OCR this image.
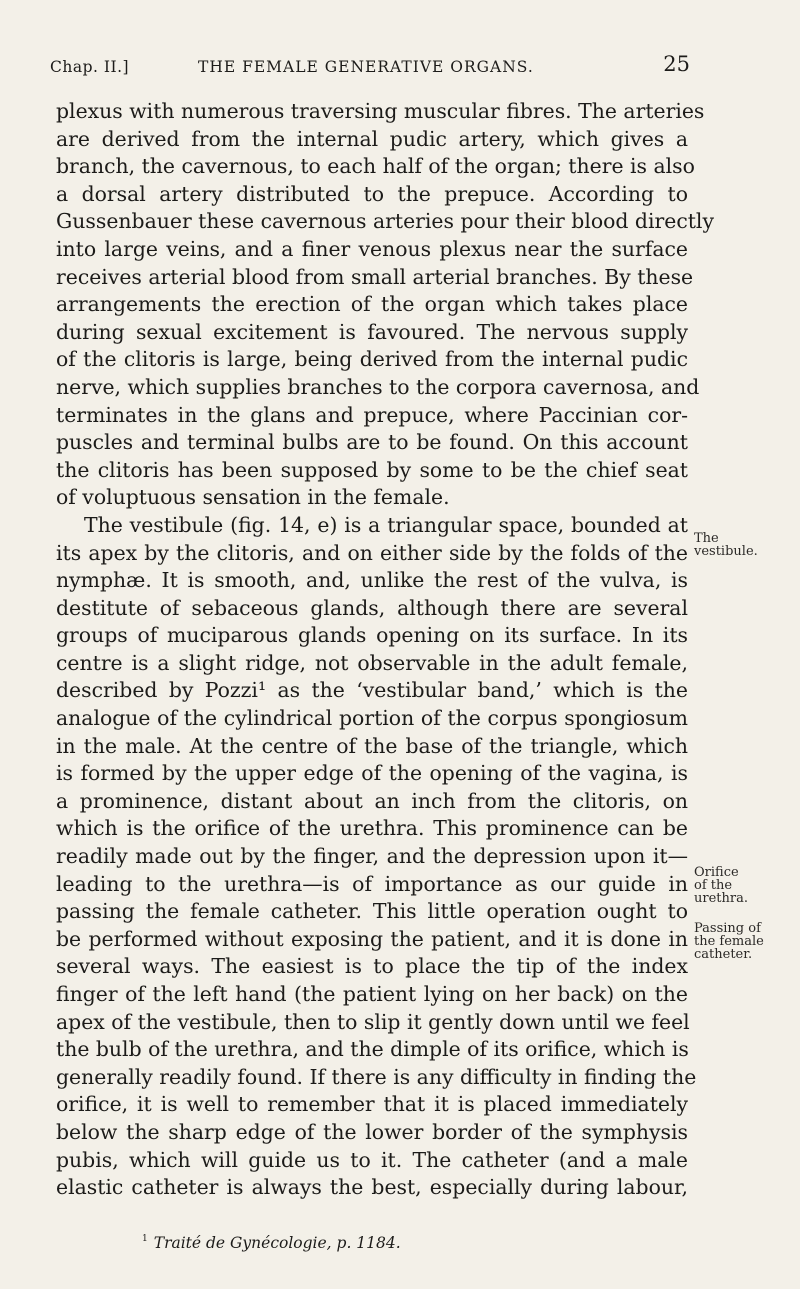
Chap. II.]	THE FEMALE GENERATIVE ORGANS.	25
plexus with numerous traversing muscular fibres. The arteries
are derived from the internal pudic artery, which gives a
branch, the cavernous, to each half of the organ; there is also
a dorsal artery distributed to the prepuce. According to
Gussenbauer these cavernous arteries pour their blood directly
into large veins, and a finer venous plexus near the surface
receives arterial blood from small arterial branches. By these
arrangements the erection of the organ which takes place
during sexual excitement is favoured. The nervous supply
of the clitoris is large, being derived from the internal pudic
nerve, which supplies branches to the corpora cavernosa, and
terminates in the glans and prepuce, where Paccinian cor-
puscles and terminal bulbs are to be found. On this account
the clitoris has been supposed by some to be the chief seat
of voluptuous sensation in the female.
The vestibule (fig. 14, e) is a triangular space, bounded at
its apex by the clitoris, and on either side by the folds of the
nymphæ. It is smooth, and, unlike the rest of the vulva, is
destitute of sebaceous glands, although there are several
groups of muciparous glands opening on its surface. In its
centre is a slight ridge, not observable in the adult female,
described by Pozzi¹ as the ‘vestibular band,’ which is the
analogue of the cylindrical portion of the corpus spongiosum
in the male. At the centre of the base of the triangle, which
is formed by the upper edge of the opening of the vagina, is
a prominence, distant about an inch from the clitoris, on
which is the orifice of the urethra. This prominence can be
readily made out by the finger, and the depression upon it—
leading to the urethra—is of importance as our guide in
passing the female catheter. This little operation ought to
be performed without exposing the patient, and it is done in
several ways. The easiest is to place the tip of the index
finger of the left hand (the patient lying on her back) on the
apex of the vestibule, then to slip it gently down until we feel
the bulb of the urethra, and the dimple of its orifice, which is
generally readily found. If there is any difficulty in finding the
orifice, it is well to remember that it is placed immediately
below the sharp edge of the lower border of the symphysis
pubis, which will guide us to it. The catheter (and a male
elastic catheter is always the best, especially during labour,
The
vestibule.
Orifice
of the
urethra.
Passing of
the female
catheter.
$^1$ Traité de Gynécologie, p. 1184.
